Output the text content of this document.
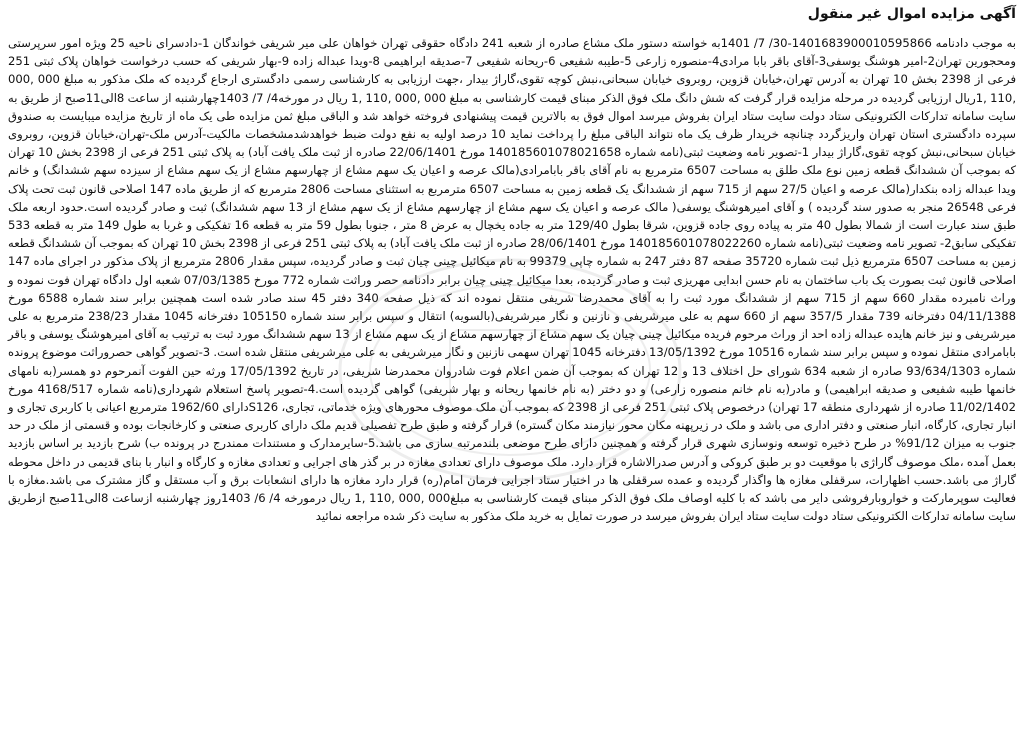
آگهی مزایده اموال غیر منقول

به موجب دادنامه 140168390001059586‌6-30/ 7/ 1401به خواسته دستور ملک مشاع صادره از شعبه 241 دادگاه حقوقی تهران خواهان علی میر شریفی خواندگان 1-دادسرای ناحیه 25 ویژه امور سرپرستی ومحجورین تهران2-امیر هوشنگ یوسفی3-آقای باقر بابا مرادی4-منصوره زارعی 5-طیبه شفیعی 6-ریحانه شفیعی 7-صدیقه ابراهیمی 8-ویدا عبداله زاده 9-بهار شریفی که حسب درخواست خواهان پلاک ثبتی 251 فرعی از 2398 بخش 10 تهران به آدرس تهران،خیابان قزوین، روبروی خیابان سبحانی،نبش کوچه تقوی،گاراژ بیدار ،جهت ارزیابی به کارشناسی رسمی دادگستری ارجاع گردیده که ملک مذکور به مبلغ 000 ,000 ,110 ,1ریال ارزیابی گردیده در مرحله مزایده قرار گرفت که شش دانگ ملک فوق الذکر مبنای قیمت کارشناسی به مبلغ 000 ,000 ,110 ,1 ریال در مورخه4/ 7/ 1403چهارشنبه از ساعت 8الی11صبح از طریق به سایت سامانه تدارکات الکترونیکی ستاد دولت سایت ستاد ایران بفروش میرسد اموال فوق به بالاترین قیمت پیشنهادی فروخته خواهد شد و الباقی مبلغ ثمن مزایده طی یک ماه از تاریخ مزایده میبایست به صندوق سپرده دادگستری استان تهران واریزگردد چنانچه خریدار ظرف یک ماه نتواند الباقی مبلغ را پرداخت نماید 10 درصد اولیه به نفع دولت ضبط خواهدشدمشخصات مالکیت-آدرس ملک-تهران،خیابان قزوین، روبروی خیابان سبحانی،نبش کوچه تقوی،گاراژ بیدار 1-تصویر نامه وضعیت ثبتی(نامه شماره 140185601078021658 مورخ 22/06/1401 صادره از ثبت ملک یافت آباد) به پلاک ثبتی 251 فرعی از 2398 بخش 10 تهران که بموجب آن ششدانگ قطعه زمین نوع ملک طلق به مساحت 6507 مترمربع به نام آقای باقر بابامرادی(مالک عرصه و اعیان یک سهم مشاع از چهارسهم مشاع از یک سهم مشاع از سیزده سهم ششدانگ) و خانم ویدا عبداله زاده بنکدار(مالک عرصه و اعیان 27/5 سهم از 715 سهم از ششدانگ یک قطعه زمین به مساحت 6507 مترمربع به استثنای مساحت 2806 مترمربع که از طریق ماده 147 اصلاحی قانون ثبت تحت پلاک فرعی 26548 منجر به صدور سند گردیده ) و آقای امیرهوشنگ یوسفی( مالک عرصه و اعیان یک سهم مشاع از چهارسهم مشاع از یک سهم مشاع از 13 سهم ششدانگ) ثبت و صادر گردیده است.حدود اربعه ملک طبق سند عبارت است از شمالا بطول 40 متر به پیاده روی جاده قزوین، شرقا بطول 129/40 متر به جاده یخچال به عرض 8 متر ، جنوبا بطول 59 متر به قطعه 16 تفکیکی و غربا به طول 149 متر به قطعه 533 تفکیکی سابق2- تصویر نامه وضعیت ثبتی(نامه شماره 140185601078022260 مورخ 28/06/1401 صادره از ثبت ملک یافت آباد) به پلاک ثبتی 251 فرعی از 2398 بخش 10 تهران که بموجب آن ششدانگ قطعه زمین به مساحت 6507 مترمربع ذیل ثبت شماره 35720 صفحه 87 دفتر 247 به شماره چاپی 99379 به نام میکائیل چینی چیان ثبت و صادر گردیده، سپس مقدار 2806 مترمربع از پلاک مذکور در اجرای ماده 147 اصلاحی قانون ثبت بصورت یک باب ساختمان به نام حسن ابدایی مهریزی ثبت و صادر گردیده، بعدا میکائیل چینی چیان برابر دادنامه حصر وراثت شماره 772 مورخ 07/03/1385 شعبه اول دادگاه تهران فوت نموده و وراث نامبرده مقدار 660 سهم از 715 سهم از ششدانگ مورد ثبت را به آقای محمدرضا شریفی منتقل نموده اند که ذیل صفحه 340 دفتر 45 سند صادر شده است همچنین برابر سند شماره 6588 مورخ 04/11/1388 دفترخانه 739 مقدار 357/5 سهم از 660 سهم به علی میرشریفی و نازنین و نگار میرشریفی(بالسویه) انتقال و سپس برابر سند شماره 105150 دفترخانه 1045 مقدار 238/23 مترمربع به علی میرشریفی و نیز خانم هایده عبداله زاده احد از وراث مرحوم فریده میکائیل چینی چیان یک سهم مشاع از چهارسهم مشاع از یک سهم مشاع از 13 سهم ششدانگ مورد ثبت به ترتیب به آقای امیرهوشنگ یوسفی و باقر بابامرادی منتقل نموده و سپس برابر سند شماره 10516 مورخ 13/05/1392 دفترخانه 1045 تهران سهمی نازنین و نگار میرشریفی به علی میرشریفی منتقل شده است. 3-تصویر گواهی حصروراثت موضوع پرونده شماره 93/634/1303 صادره از شعبه 634 شورای حل اختلاف 13 و 12 تهران که بموجب آن ضمن اعلام فوت شادروان محمدرضا شریفی، در تاریخ 17/05/1392 ورثه حین الفوت آنمرحوم دو همسر(به نامهای خانمها طیبه شفیعی و صدیقه ابراهیمی) و مادر(به نام خانم منصوره زارعی) و دو دختر (به نام خانمها ریحانه و بهار شریفی) گواهی گردیده است.4-تصویر پاسخ استعلام شهرداری(نامه شماره 4168/517 مورخ 11/02/1402 صادره از شهرداری منطقه 17 تهران) درخصوص پلاک ثبتی 251 فرعی از 2398 که بموجب آن ملک موصوف محورهای ویژه خدماتی، تجاری، S126دارای 1962/60 مترمربع اعیانی با کاربری تجاری و انبار تجاری، کارگاه، انبار صنعتی و دفتر اداری می باشد و ملک در زیرپهنه مکان محور نیازمند مکان گستره) قرار گرفته و طبق طرح تفصیلی قدیم ملک دارای کاربری صنعتی و کارخانجات بوده و قسمتی از ملک در حد جنوب به میزان 91/12% در طرح ذخیره توسعه ونوسازی شهری قرار گرفته و همچنین دارای طرح موضعی بلندمرتبه سازی می باشد.5-سایرمدارک و مستندات ممندرج در پرونده ب) شرح بازدید بر اساس بازدید بعمل آمده ،ملک موصوف گاراژی با موقعیت دو بر طبق کروکی و آدرس صدرالاشاره قرار دارد. ملک موصوف دارای تعدادی مغازه در بر گذر های اجرایی و تعدادی مغازه و کارگاه و انبار با بنای قدیمی در داخل محوطه گاراژ می باشد.حسب اظهارات، سرقفلی مغازه ها واگذار گردیده و عمده سرقفلی ها در اختیار ستاد اجرایی فرمان امام(ره) قرار دارد مغازه ها دارای انشعابات برق و آب مستقل و گاز مشترک می باشد.مغازه با فعالیت سوپرمارکت و خواروبارفروشی دایر می باشد که با کلیه اوصاف ملک فوق الذکر مبنای قیمت کارشناسی به مبلغ000 ,000 ,110 ,1 ریال درمورخه 4/ 6/ 1403روز چهارشنبه ازساعت 8الی11صبح ازطریق سایت سامانه تدارکات الکترونیکی ستاد دولت سایت ستاد ایران بفروش میرسد در صورت تمایل به خرید ملک مذکور به سایت ذکر شده مراجعه نمائید
